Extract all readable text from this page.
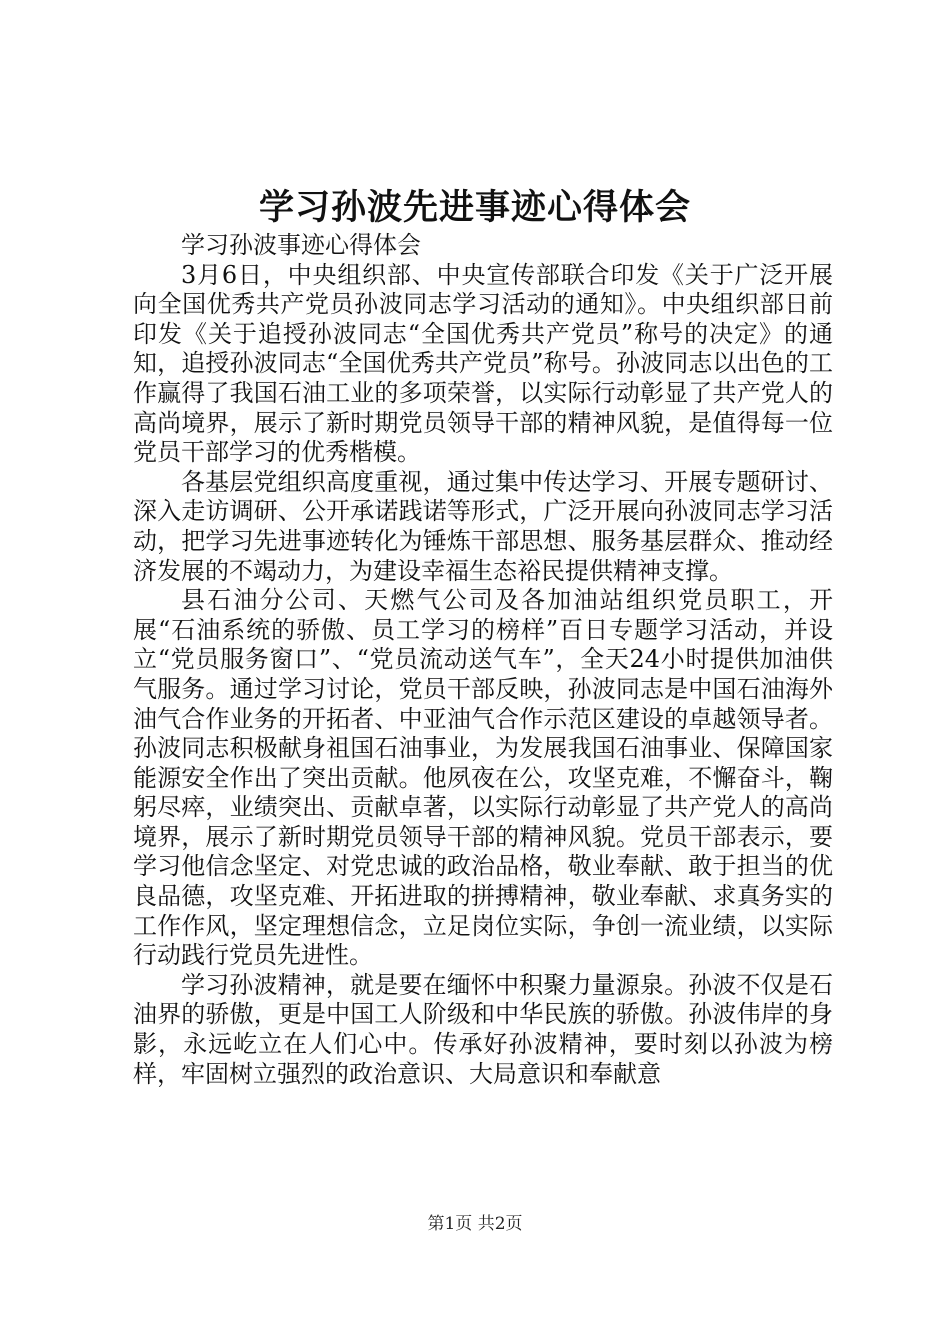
学习孙波先进事迹心得体会

学习孙波事迹心得体会

3月6日，中央组织部、中央宣传部联合印发《关于广泛开展向全国优秀共产党员孙波同志学习活动的通知》。中央组织部日前印发《关于追授孙波同志“全国优秀共产党员”称号的决定》的通知，追授孙波同志“全国优秀共产党员”称号。孙波同志以出色的工作赢得了我国石油工业的多项荣誉，以实际行动彰显了共产党人的高尚境界，展示了新时期党员领导干部的精神风貌，是值得每一位党员干部学习的优秀楷模。

各基层党组织高度重视，通过集中传达学习、开展专题研讨、深入走访调研、公开承诺践诺等形式，广泛开展向孙波同志学习活动，把学习先进事迹转化为锤炼干部思想、服务基层群众、推动经济发展的不竭动力，为建设幸福生态裕民提供精神支撑。

县石油分公司、天燃气公司及各加油站组织党员职工，开展“石油系统的骄傲、员工学习的榜样”百日专题学习活动，并设立“党员服务窗口”、“党员流动送气车”，全天24小时提供加油供气服务。通过学习讨论，党员干部反映，孙波同志是中国石油海外油气合作业务的开拓者、中亚油气合作示范区建设的卓越领导者。孙波同志积极献身祖国石油事业，为发展我国石油事业、保障国家能源安全作出了突出贡献。他夙夜在公，攻坚克难，不懈奋斗，鞠躬尽瘁，业绩突出、贡献卓著，以实际行动彰显了共产党人的高尚境界，展示了新时期党员领导干部的精神风貌。党员干部表示，要学习他信念坚定、对党忠诚的政治品格，敬业奉献、敢于担当的优良品德，攻坚克难、开拓进取的拼搏精神，敬业奉献、求真务实的工作作风，坚定理想信念，立足岗位实际，争创一流业绩，以实际行动践行党员先进性。

学习孙波精神，就是要在缅怀中积聚力量源泉。孙波不仅是石油界的骄傲，更是中国工人阶级和中华民族的骄傲。孙波伟岸的身影，永远屹立在人们心中。传承好孙波精神，要时刻以孙波为榜样，牢固树立强烈的政治意识、大局意识和奉献意

第1页 共2页
